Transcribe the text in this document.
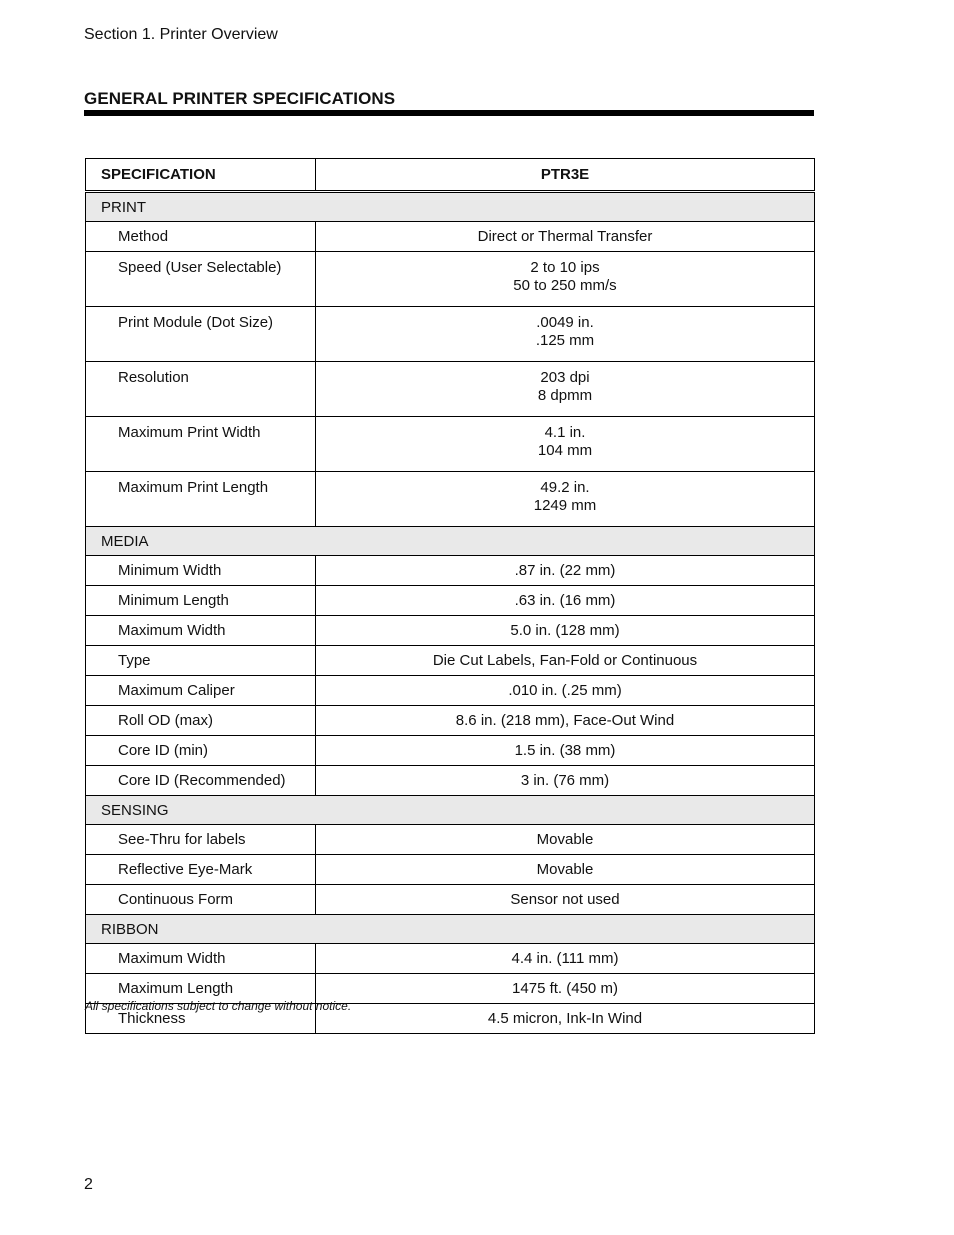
Section 1. Printer Overview
GENERAL PRINTER SPECIFICATIONS
SPECIFICATION	PTR3E
PRINT	
Method	Direct or Thermal Transfer

Speed (User Selectable)	2 to 10 ips
50 to 250 mm/s

Print Module (Dot Size)	.0049 in.
.125 mm

Resolution	203 dpi
8 dpmm

Maximum Print Width	4.1 in.
104 mm

Maximum Print Length	49.2 in.
1249 mm

MEDIA	
Minimum Width	.87 in. (22 mm)

Minimum Length	.63 in. (16 mm)

Maximum Width	5.0 in. (128 mm)

Type	Die Cut Labels, Fan-Fold or Continuous

Maximum Caliper	.010 in. (.25 mm)

Roll OD (max)	8.6 in. (218 mm), Face-Out Wind

Core ID (min)	1.5 in. (38 mm)

Core ID (Recommended)	3 in. (76 mm)

SENSING	
See-Thru for labels	Movable

Reflective Eye-Mark	Movable

Continuous Form	Sensor not used

RIBBON	
Maximum Width	4.4 in. (111 mm)

Maximum Length	1475 ft. (450 m)

Thickness	4.5 micron, Ink-In Wind
All specifications subject to change without notice.
2
